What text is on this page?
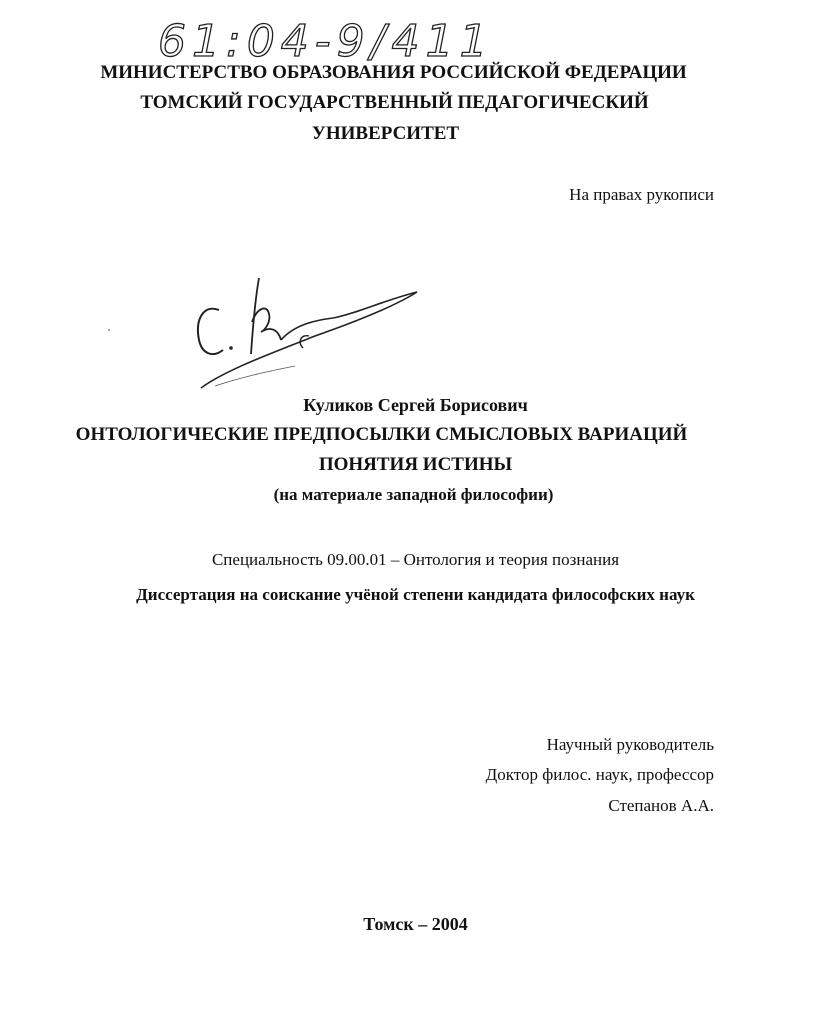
61:04-9/411
МИНИСТЕРСТВО ОБРАЗОВАНИЯ РОССИЙСКОЙ ФЕДЕРАЦИИ
ТОМСКИЙ ГОСУДАРСТВЕННЫЙ ПЕДАГОГИЧЕСКИЙ
УНИВЕРСИТЕТ
На правах рукописи
С. Ку
Куликов Сергей Борисович
ОНТОЛОГИЧЕСКИЕ ПРЕДПОСЫЛКИ СМЫСЛОВЫХ ВАРИАЦИЙ
ПОНЯТИЯ ИСТИНЫ
(на материале западной философии)
Специальность 09.00.01 – Онтология и теория познания
Диссертация на соискание учёной степени кандидата философских наук
Научный руководитель
Доктор филос. наук, профессор
Степанов А.А.
Томск – 2004
